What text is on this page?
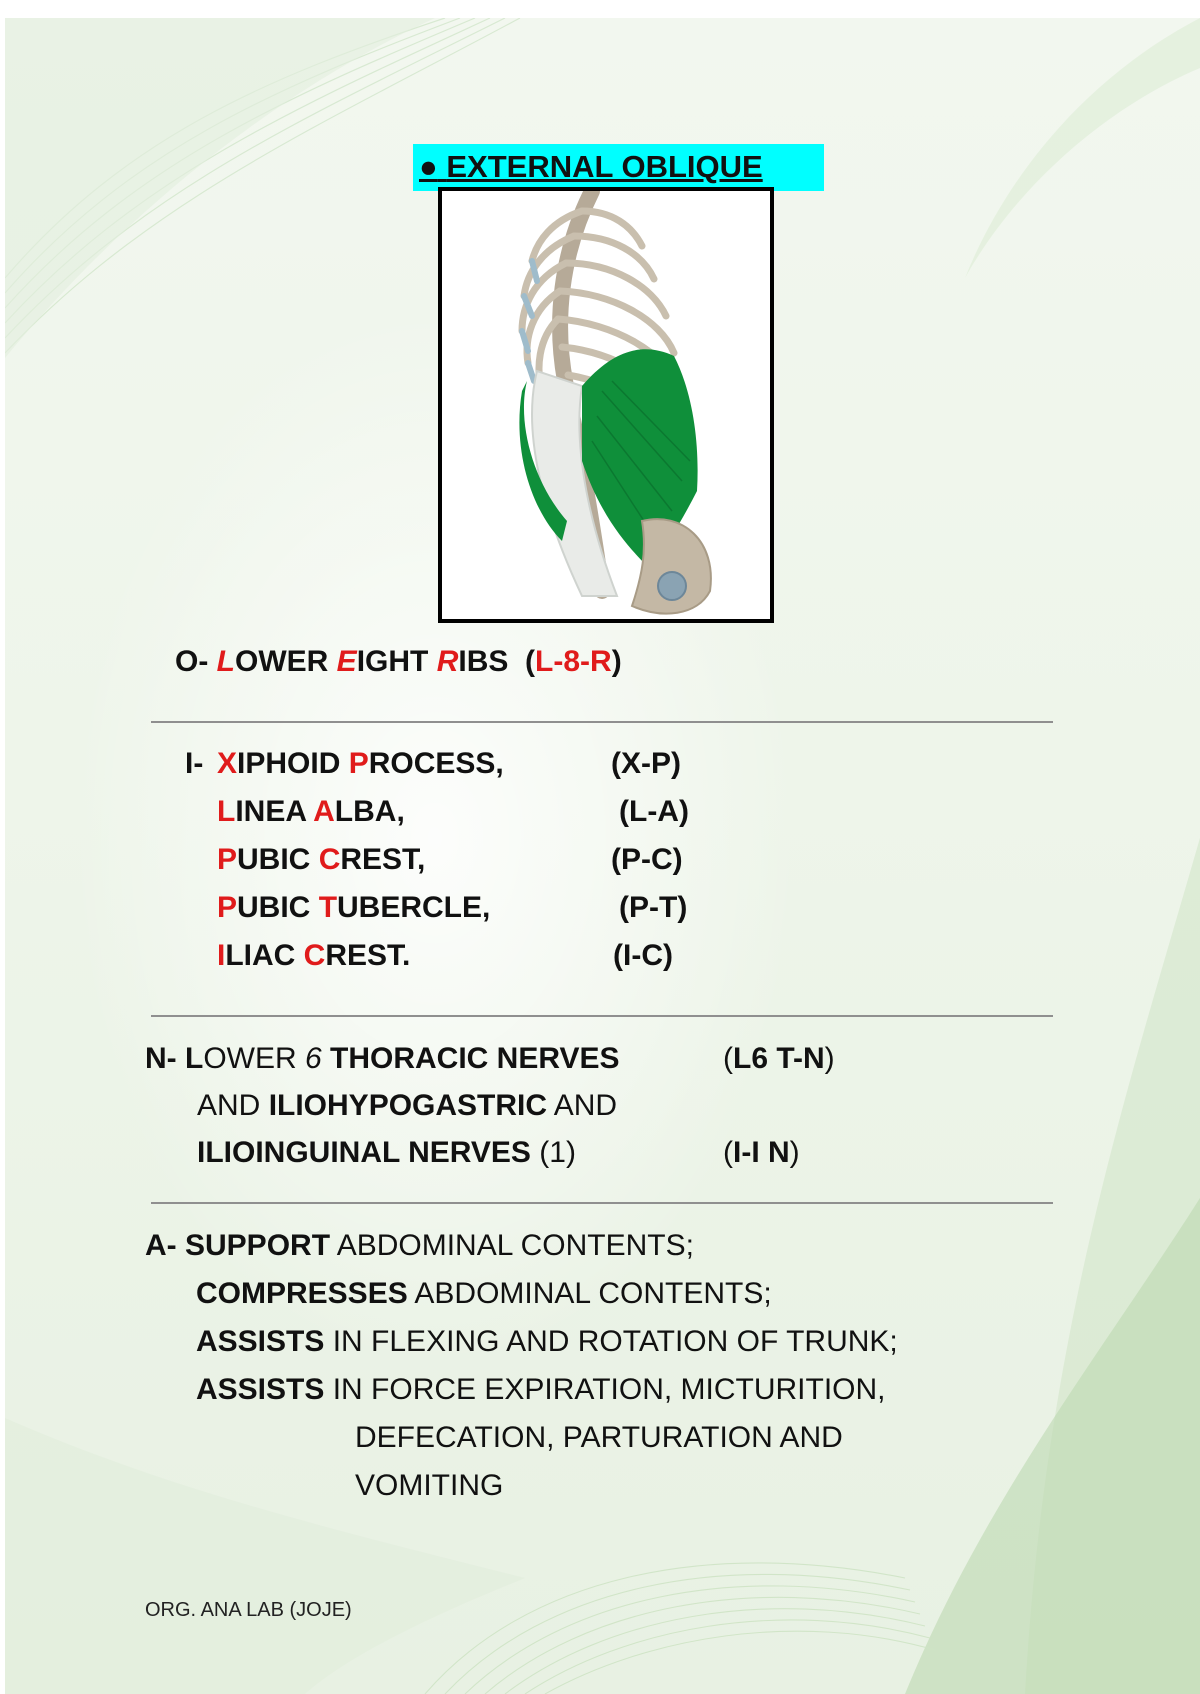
● EXTERNAL OBLIQUE
O- LOWER EIGHT RIBS  (L-8-R)
I- XIPHOID PROCESS,	(X-P)
LINEA ALBA,	(L-A)
PUBIC CREST,	(P-C)
PUBIC TUBERCLE,	(P-T)
ILIAC CREST.	(I-C)
N- LOWER 6 THORACIC NERVES	(L6 T-N)
AND ILIOHYPOGASTRIC AND
ILIOINGUINAL NERVES (1)	(I-I N)
A- SUPPORT ABDOMINAL CONTENTS;
COMPRESSES ABDOMINAL CONTENTS;
ASSISTS IN FLEXING AND ROTATION OF TRUNK;
ASSISTS IN FORCE EXPIRATION, MICTURITION,
DEFECATION, PARTURATION AND
VOMITING
ORG. ANA LAB (JOJE)
